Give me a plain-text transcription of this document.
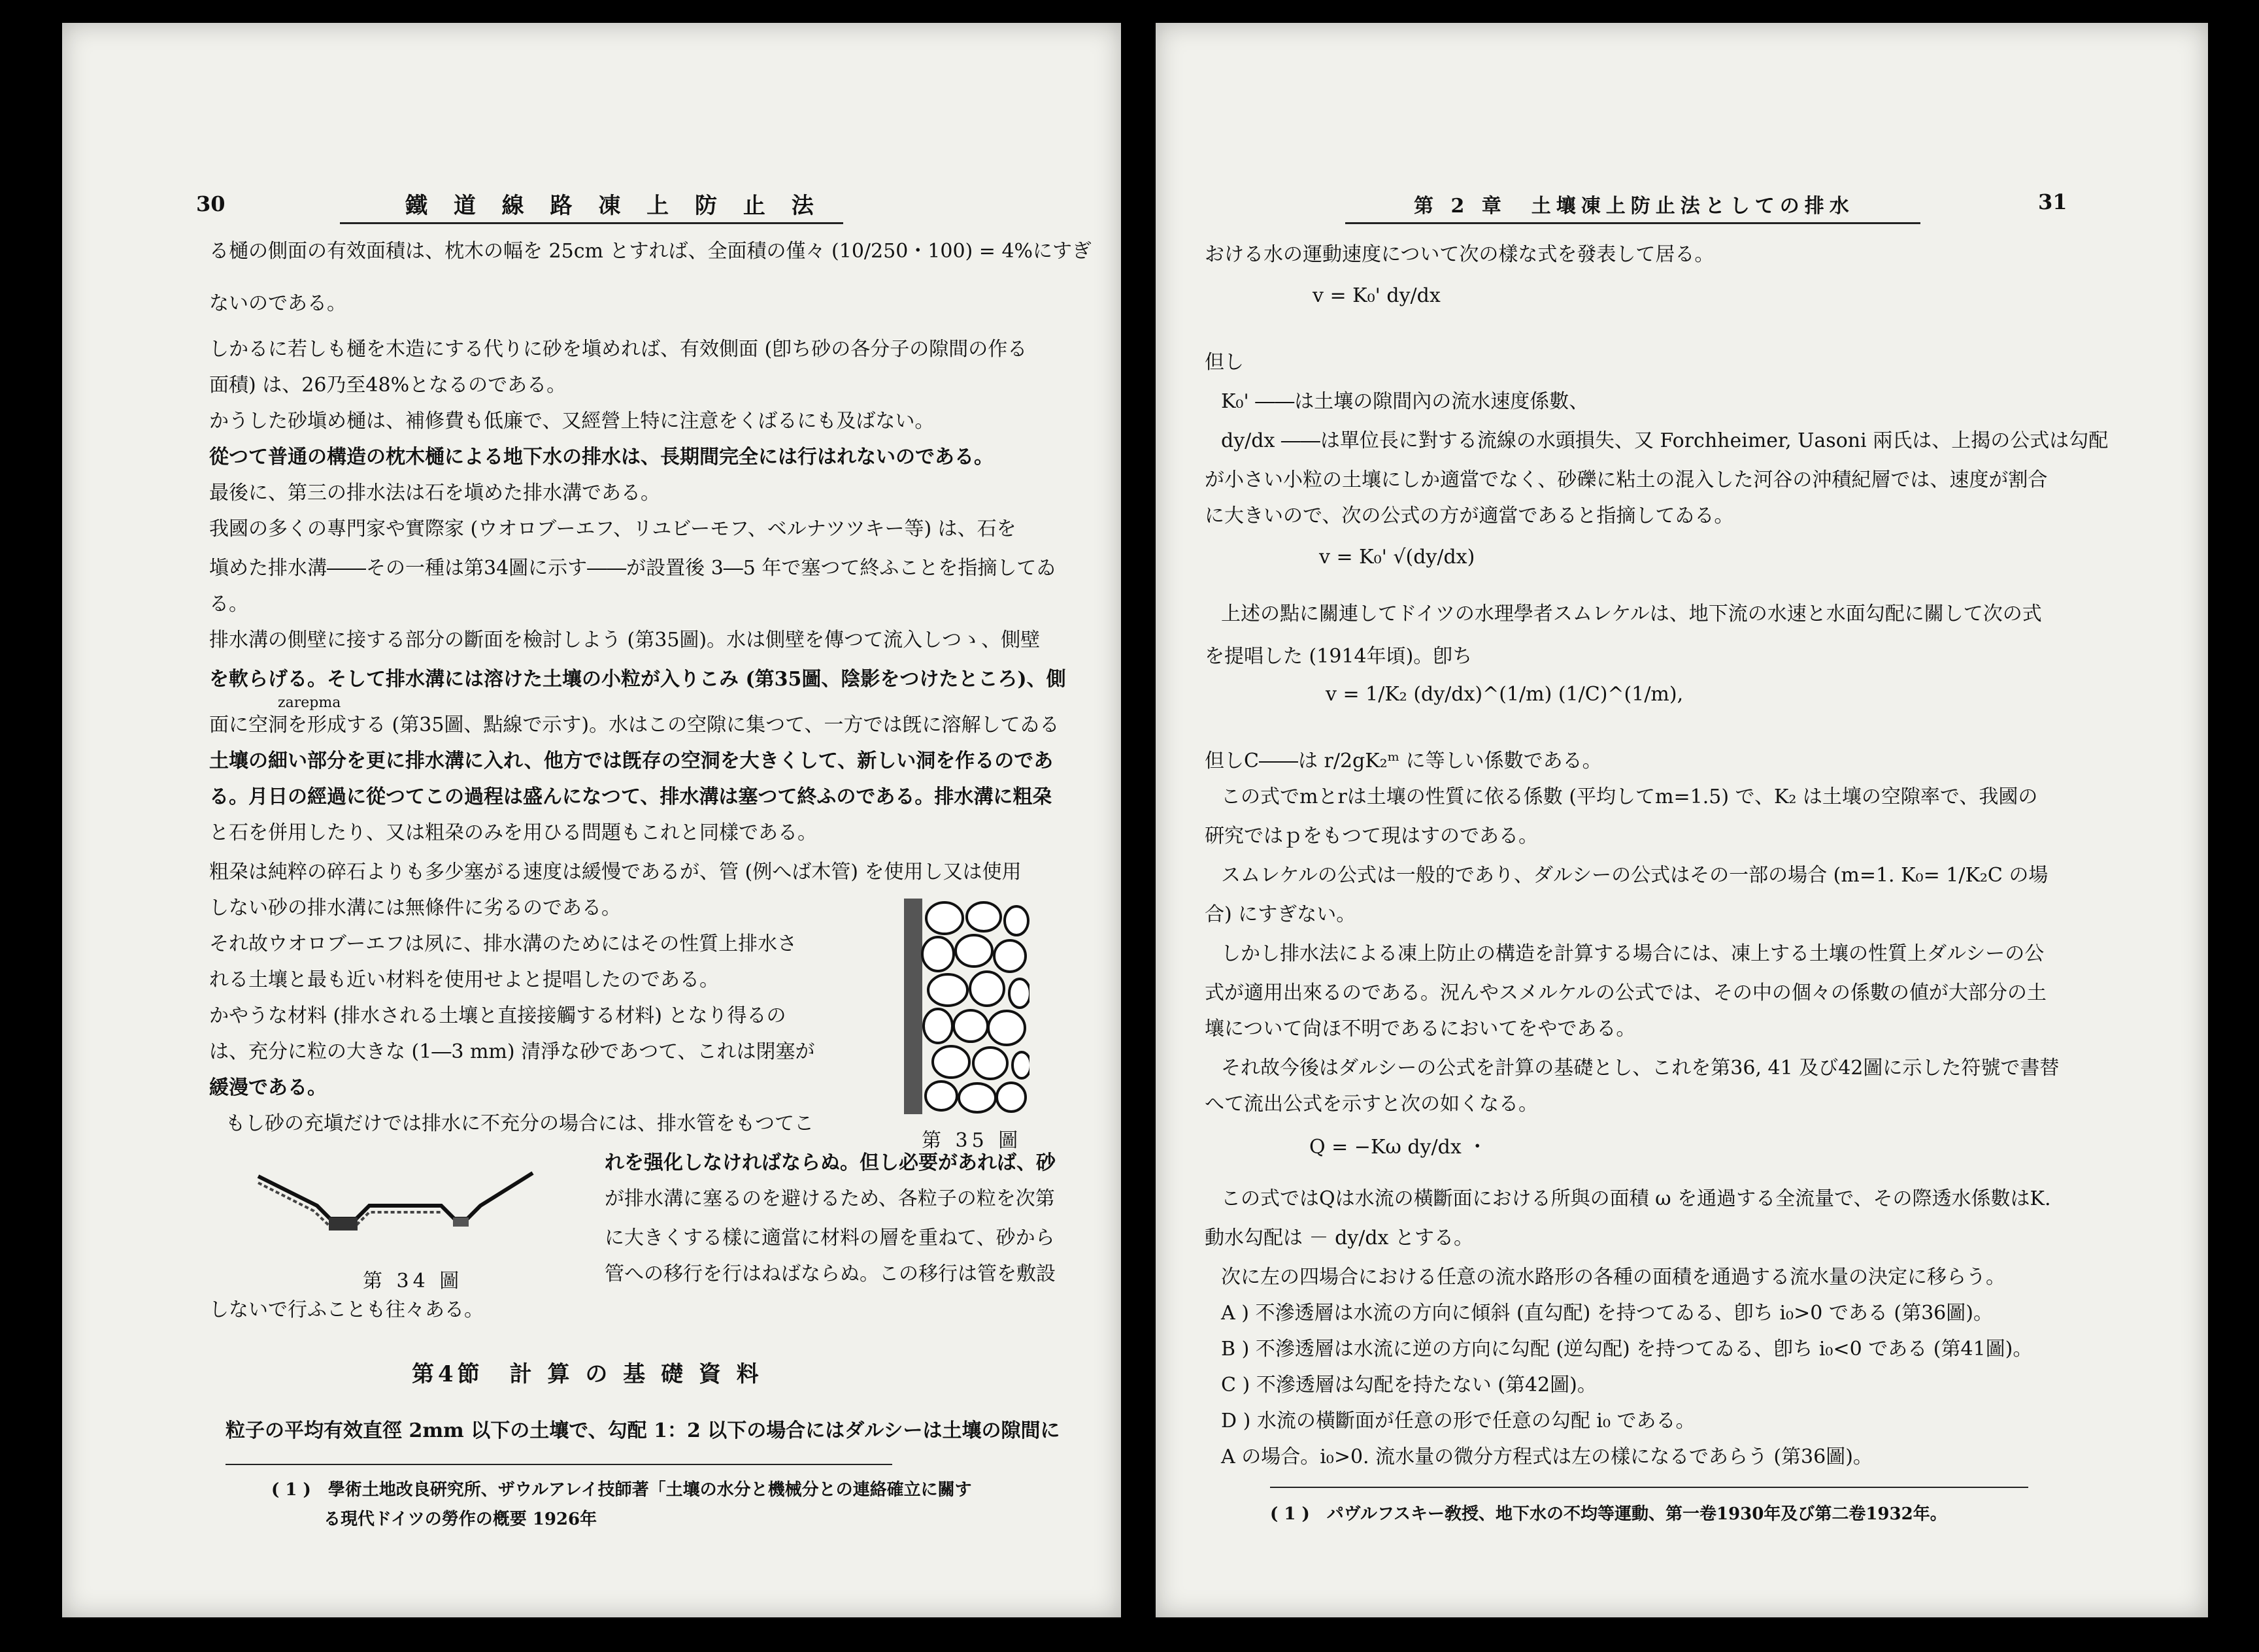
30	鐵 道 線 路 凍 上 防 止 法
る樋の側面の有效面積は、枕木の幅を 25cm とすれば、全面積の僅々 (10/250・100) = 4%にすぎ
ないのである。
しかるに若しも樋を木造にする代りに砂を塡めれば、有效側面 (卽ち砂の各分子の隙間の作る
面積) は、26乃至48%となるのである。
かうした砂塡め樋は、補修費も低廉で、又經營上特に注意をくばるにも及ばない。
從つて普通の構造の枕木樋による地下水の排水は、長期間完全には行はれないのである。
最後に、第三の排水法は石を塡めた排水溝である。
我國の多くの專門家や實際家 (ウオロブーエフ、リユビーモフ、ベルナツツキー等) は、石を
塡めた排水溝――その一種は第34圖に示す――が設置後 3―5 年で塞つて終ふことを指摘してゐ
る。
排水溝の側壁に接する部分の斷面を檢討しよう (第35圖)。水は側壁を傳つて流入しつゝ、側壁
を軟らげる。そして排水溝には溶けた土壤の小粒が入りこみ (第35圖、陰影をつけたところ)、側
zarepma
面に空洞を形成する (第35圖、點線で示す)。水はこの空隙に集つて、一方では旣に溶解してゐる
土壤の細い部分を更に排水溝に入れ、他方では旣存の空洞を大きくして、新しい洞を作るのであ
る。月日の經過に從つてこの過程は盛んになつて、排水溝は塞つて終ふのである。排水溝に粗朶
と石を併用したり、又は粗朶のみを用ひる問題もこれと同樣である。
粗朶は純粹の碎石よりも多少塞がる速度は緩慢であるが、管 (例へば木管) を使用し又は使用
しない砂の排水溝には無條件に劣るのである。
それ故ウオロブーエフは夙に、排水溝のためにはその性質上排水さ
れる土壤と最も近い材料を使用せよと提唱したのである。
かやうな材料 (排水される土壤と直接接觸する材料) となり得るの
は、充分に粒の大きな (1―3 mm) 清淨な砂であつて、これは閉塞が
緩漫である。
もし砂の充塡だけでは排水に不充分の場合には、排水管をもつてこ
れを强化しなければならぬ。但し必要があれば、砂
が排水溝に塞るのを避けるため、各粒子の粒を次第
に大きくする樣に適當に材料の層を重ねて、砂から
管への移行を行はねばならぬ。この移行は管を敷設
しないで行ふことも往々ある。
第 35 圖
第 34 圖
第4節　計 算 の 基 礎 資 料
粒子の平均有效直徑 2mm 以下の土壤で、勾配 1：2 以下の場合にはダルシーは土壤の隙間に
( 1 )　學術土地改良硏究所、ザウルアレイ技師著「土壤の水分と機械分との連絡確立に關す
る現代ドイツの勞作の槪要 1926年
第 2 章　土壤凍上防止法としての排水	31
おける水の運動速度について次の樣な式を發表して居る。
v = K₀' dy/dx
但し
K₀' ――は土壤の隙間內の流水速度係數、
dy/dx ――は單位長に對する流線の水頭損失、又 Forchheimer, Uasoni 兩氏は、上揭の公式は勾配
が小さい小粒の土壤にしか適當でなく、砂礫に粘土の混入した河谷の沖積紀層では、速度が割合
に大きいので、次の公式の方が適當であると指摘してゐる。
v = K₀' √(dy/dx)
上述の點に關連してドイツの水理學者スムレケルは、地下流の水速と水面勾配に關して次の式
を提唱した (1914年頃)。卽ち
v = 1/K₂ (dy/dx)^(1/m) (1/C)^(1/m),
但しC――は r/2gK₂ᵐ に等しい係數である。
この式でmとrは土壤の性質に依る係數 (平均してm=1.5) で、K₂ は土壤の空隙率で、我國の
硏究ではｐをもつて現はすのである。
スムレケルの公式は一般的であり、ダルシーの公式はその一部の場合 (m=1. K₀= 1/K₂C の場
合) にすぎない。
しかし排水法による凍上防止の構造を計算する場合には、凍上する土壤の性質上ダルシーの公
式が適用出來るのである。況んやスメルケルの公式では、その中の個々の係數の値が大部分の土
壤について尙ほ不明であるにおいてをやである。
それ故今後はダルシーの公式を計算の基礎とし、これを第36, 41 及び42圖に示した符號で書替
へて流出公式を示すと次の如くなる。
Q = −Kω dy/dx ・
この式ではQは水流の橫斷面における所與の面積 ω を通過する全流量で、その際透水係數はK.
動水勾配は － dy/dx とする。
次に左の四場合における任意の流水路形の各種の面積を通過する流水量の決定に移らう。
A ) 不滲透層は水流の方向に傾斜 (直勾配) を持つてゐる、卽ち i₀>0 である (第36圖)。
B ) 不滲透層は水流に逆の方向に勾配 (逆勾配) を持つてゐる、卽ち i₀<0 である (第41圖)。
C ) 不滲透層は勾配を持たない (第42圖)。
D ) 水流の橫斷面が任意の形で任意の勾配 i₀ である。
A の場合。i₀>0. 流水量の微分方程式は左の樣になるであらう (第36圖)。
( 1 )　パヴルフスキー敎授、地下水の不均等運動、第一卷1930年及び第二卷1932年。
